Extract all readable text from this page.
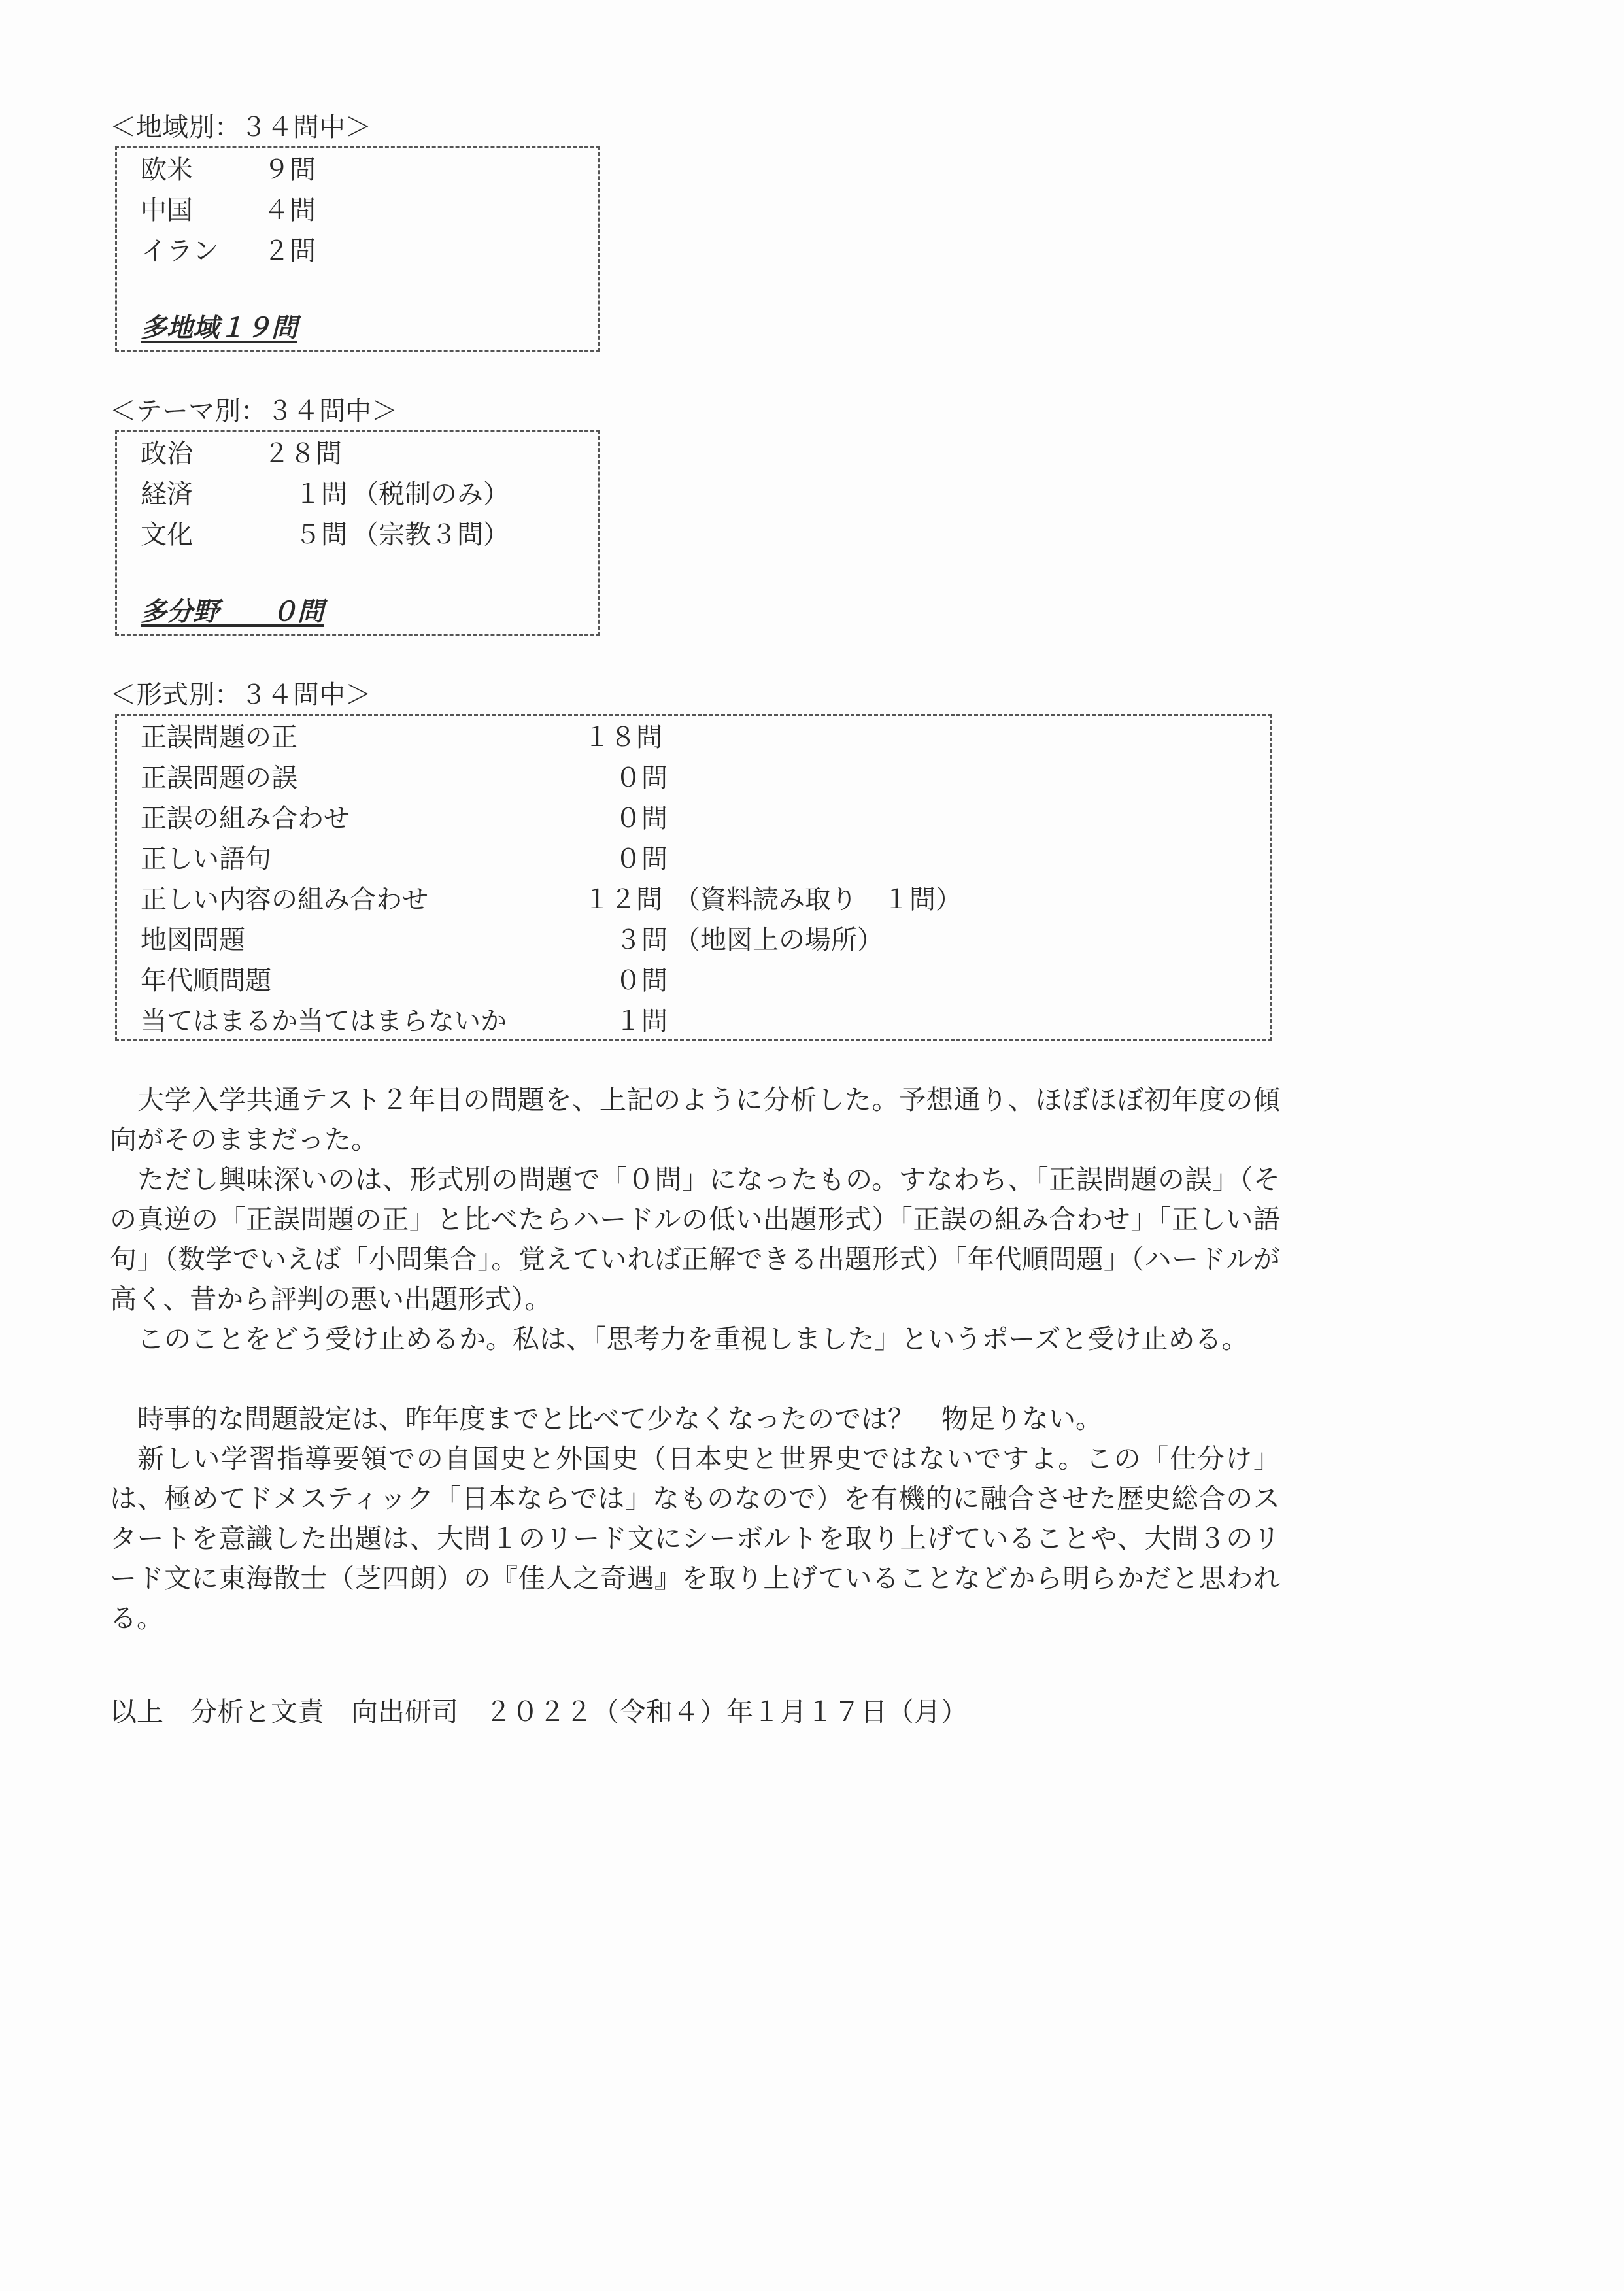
＜地域別：３４問中＞
欧米	９問
中国	４問
イラン ２問
多地域１９問
＜テーマ別：３４問中＞
政治	２８問
経済	１問 （税制のみ）
文化	５問 （宗教３問）
多分野　　０問
＜形式別：３４問中＞
正誤問題の正	１８問
正誤問題の誤	０問
正誤の組み合わせ	０問
正しい語句	０問
正しい内容の組み合わせ	１２問 （資料読み取り　１問）
地図問題	３問 （地図上の場所）
年代順問題	０問
当てはまるか当てはまらないか	１問

大学入学共通テスト２年目の問題を、上記のように分析した。予想通り、ほぼほぼ初年度の傾向がそのままだった。

ただし興味深いのは、形式別の問題で「０問」になったもの。すなわち、「正誤問題の誤」（その真逆の「正誤問題の正」と比べたらハードルの低い出題形式）「正誤の組み合わせ」「正しい語句」（数学でいえば「小問集合」。覚えていれば正解できる出題形式）「年代順問題」（ハードルが高く、昔から評判の悪い出題形式）。

このことをどう受け止めるか。私は、「思考力を重視しました」というポーズと受け止める。

時事的な問題設定は、昨年度までと比べて少なくなったのでは？　物足りない。

新しい学習指導要領での自国史と外国史（日本史と世界史ではないですよ。この「仕分け」は、極めてドメスティック「日本ならでは」なものなので）を有機的に融合させた歴史総合のスタートを意識した出題は、大問１のリード文にシーボルトを取り上げていることや、大問３のリード文に東海散士（芝四朗）の『佳人之奇遇』を取り上げていることなどから明らかだと思われる。

以上　分析と文責　向出研司　２０２２（令和４）年１月１７日（月）
